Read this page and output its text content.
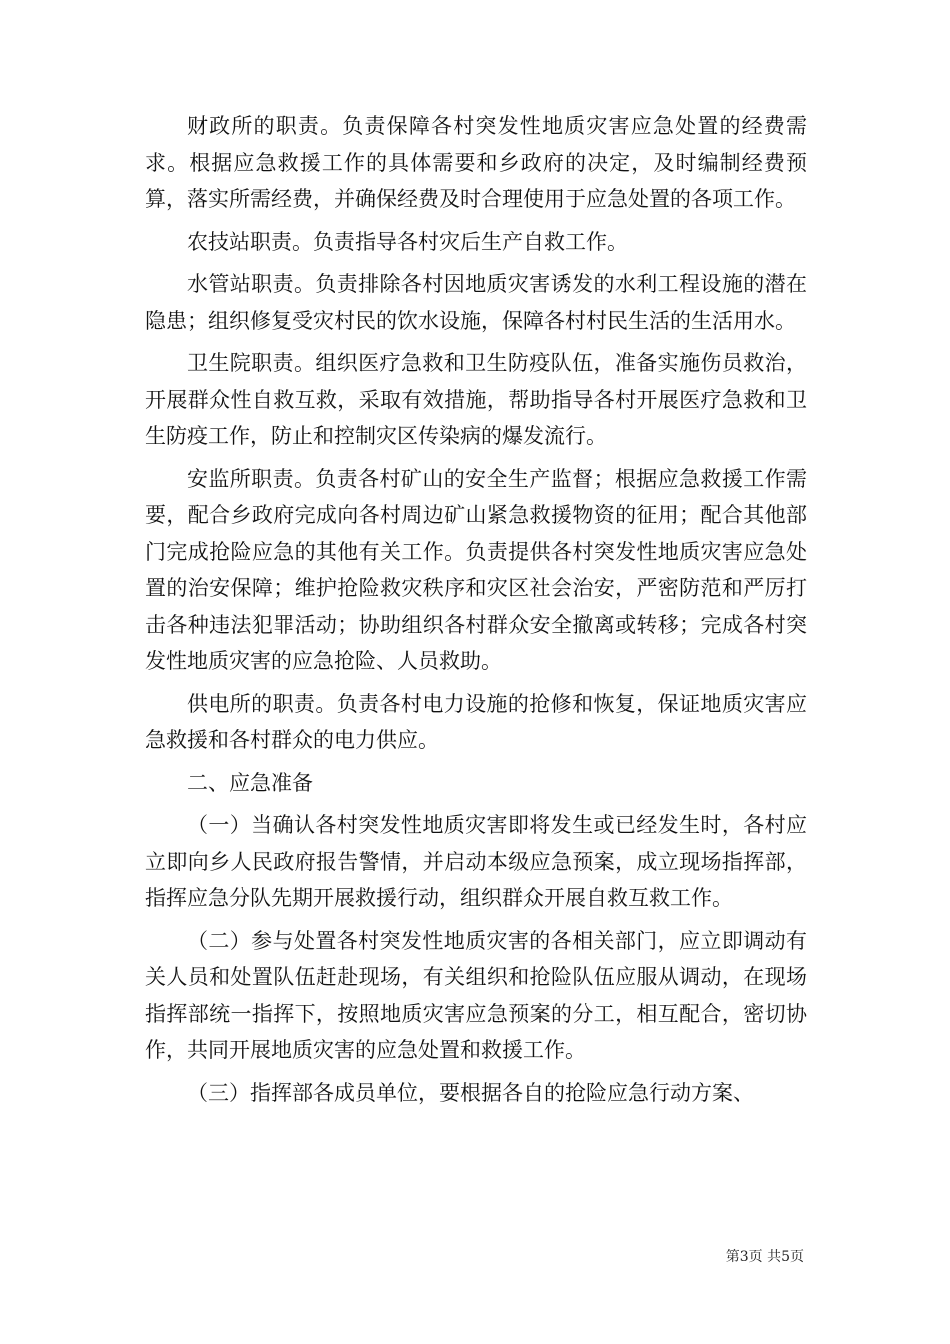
财政所的职责。负责保障各村突发性地质灾害应急处置的经费需求。根据应急救援工作的具体需要和乡政府的决定，及时编制经费预算，落实所需经费，并确保经费及时合理使用于应急处置的各项工作。

农技站职责。负责指导各村灾后生产自救工作。

水管站职责。负责排除各村因地质灾害诱发的水利工程设施的潜在隐患；组织修复受灾村民的饮水设施，保障各村村民生活的生活用水。

卫生院职责。组织医疗急救和卫生防疫队伍，准备实施伤员救治，开展群众性自救互救，采取有效措施，帮助指导各村开展医疗急救和卫生防疫工作，防止和控制灾区传染病的爆发流行。

安监所职责。负责各村矿山的安全生产监督；根据应急救援工作需要，配合乡政府完成向各村周边矿山紧急救援物资的征用；配合其他部门完成抢险应急的其他有关工作。负责提供各村突发性地质灾害应急处置的治安保障；维护抢险救灾秩序和灾区社会治安，严密防范和严厉打击各种违法犯罪活动；协助组织各村群众安全撤离或转移；完成各村突发性地质灾害的应急抢险、人员救助。

供电所的职责。负责各村电力设施的抢修和恢复，保证地质灾害应急救援和各村群众的电力供应。

二、应急准备

（一）当确认各村突发性地质灾害即将发生或已经发生时，各村应立即向乡人民政府报告警情，并启动本级应急预案，成立现场指挥部，指挥应急分队先期开展救援行动，组织群众开展自救互救工作。

（二）参与处置各村突发性地质灾害的各相关部门，应立即调动有关人员和处置队伍赶赴现场，有关组织和抢险队伍应服从调动，在现场指挥部统一指挥下，按照地质灾害应急预案的分工，相互配合，密切协作，共同开展地质灾害的应急处置和救援工作。

（三）指挥部各成员单位，要根据各自的抢险应急行动方案、

第3页 共5页
